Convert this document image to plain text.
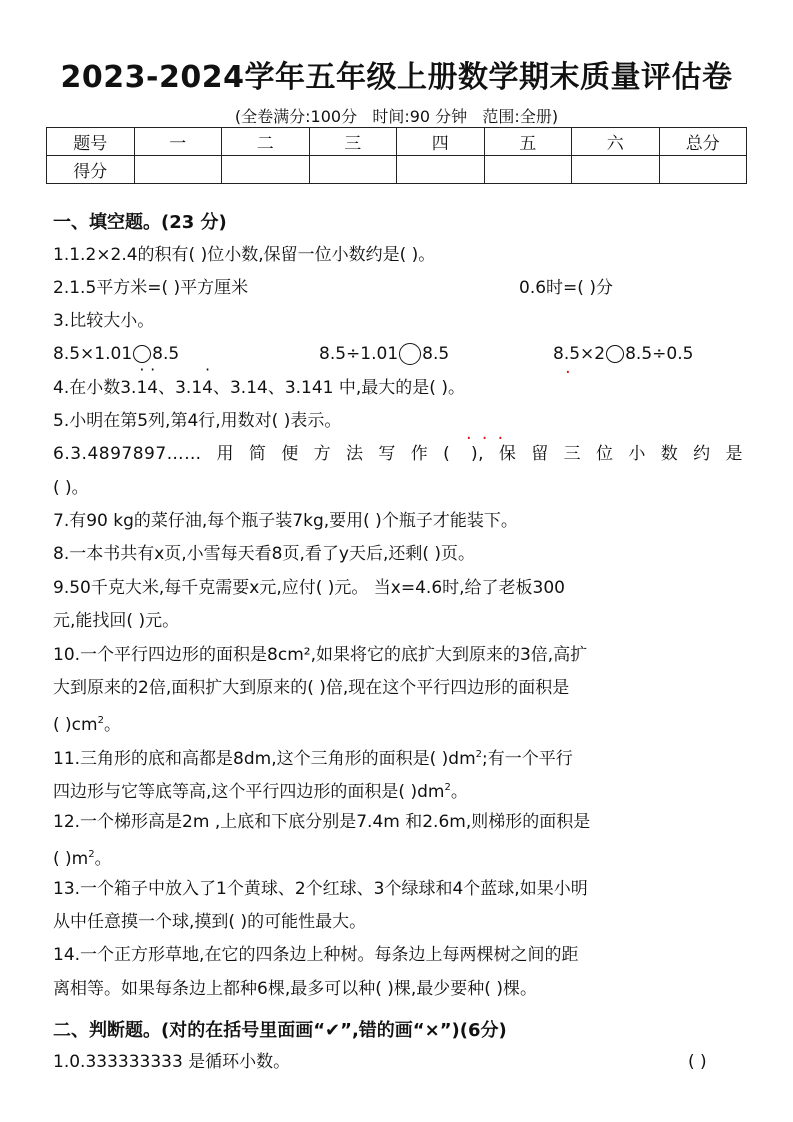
2023-2024学年五年级上册数学期末质量评估卷

(全卷满分:100分   时间:90 分钟   范围:全册)

题号	一	二	三	四	五	六	总分
得分							

一、填空题。(23 分)

1.1.2×2.4的积有( )位小数,保留一位小数约是( )。

2.1.5平方米=( )平方厘米	0.6时=( )分

3.比较大小。

8.5×1.01 8.5	8.5÷1.01 8.5	8.5×2 8.5÷0.5

4.在小数3.· 1· 4、3.1· 4、3.14、3.141 中,最大的是( )。

·

5.小明在第5列,第4行,用数对( )表示。

6.3.4897897……用简便方法写作( ),保留三位小数约是

···

( )。

7.有90 kg的菜仔油,每个瓶子装7kg,要用( )个瓶子才能装下。

8.一本书共有x页,小雪每天看8页,看了y天后,还剩( )页。

9.50千克大米,每千克需要x元,应付( )元。 当x=4.6时,给了老板300

元,能找回( )元。

10.一个平行四边形的面积是8cm²,如果将它的底扩大到原来的3倍,高扩

大到原来的2倍,面积扩大到原来的( )倍,现在这个平行四边形的面积是

( )$cm^2$。

11.三角形的底和高都是8dm,这个三角形的面积是( )$dm^2$;有一个平行

四边形与它等底等高,这个平行四边形的面积是( )$dm^2$。

12.一个梯形高是2m ,上底和下底分别是7.4m 和2.6m,则梯形的面积是

( )$m^2$。

13.一个箱子中放入了1个黄球、2个红球、3个绿球和4个蓝球,如果小明

从中任意摸一个球,摸到( )的可能性最大。

14.一个正方形草地,在它的四条边上种树。每条边上每两棵树之间的距

离相等。如果每条边上都种6棵,最多可以种( )棵,最少要种( )棵。

二、判断题。(对的在括号里面画“✔”,错的画“×”)(6分)

1.0.333333333 是循环小数。	( )
